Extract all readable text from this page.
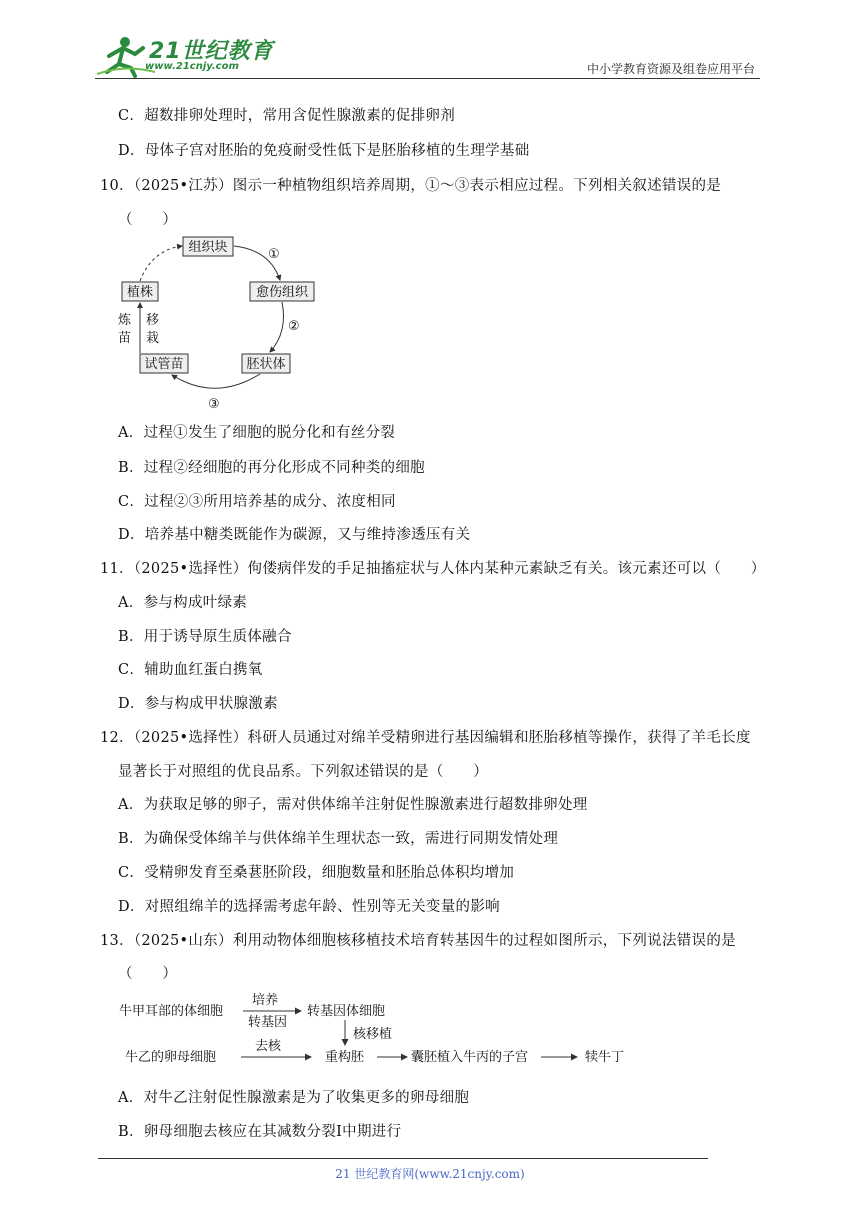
21世纪教育
www.21cnjy.com	中小学教育资源及组卷应用平台
C．超数排卵处理时，常用含促性腺激素的促排卵剂
D．母体子宫对胚胎的免疫耐受性低下是胚胎移植的生理学基础
10．（2025•江苏）图示一种植物组织培养周期，①～③表示相应过程。下列相关叙述错误的是
（　　）
组织块
愈伤组织
胚状体
试管苗
植株
①
②
③
炼
苗
移
栽
A．过程①发生了细胞的脱分化和有丝分裂
B．过程②经细胞的再分化形成不同种类的细胞
C．过程②③所用培养基的成分、浓度相同
D．培养基中糖类既能作为碳源，又与维持渗透压有关
11．（2025•选择性）佝偻病伴发的手足抽搐症状与人体内某种元素缺乏有关。该元素还可以（　　）
A．参与构成叶绿素
B．用于诱导原生质体融合
C．辅助血红蛋白携氧
D．参与构成甲状腺激素
12．（2025•选择性）科研人员通过对绵羊受精卵进行基因编辑和胚胎移植等操作，获得了羊毛长度
显著长于对照组的优良品系。下列叙述错误的是（　　）
A．为获取足够的卵子，需对供体绵羊注射促性腺激素进行超数排卵处理
B．为确保受体绵羊与供体绵羊生理状态一致，需进行同期发情处理
C．受精卵发育至桑葚胚阶段，细胞数量和胚胎总体积均增加
D．对照组绵羊的选择需考虑年龄、性别等无关变量的影响
13．（2025•山东）利用动物体细胞核移植技术培育转基因牛的过程如图所示，下列说法错误的是
（　　）
牛甲耳部的体细胞
培养
转基因
转基因体细胞
核移植
牛乙的卵母细胞
去核
重构胚	囊胚植入牛丙的子宫	犊牛丁
A．对牛乙注射促性腺激素是为了收集更多的卵母细胞
B．卵母细胞去核应在其减数分裂Ⅰ中期进行
21 世纪教育网(www.21cnjy.com)
